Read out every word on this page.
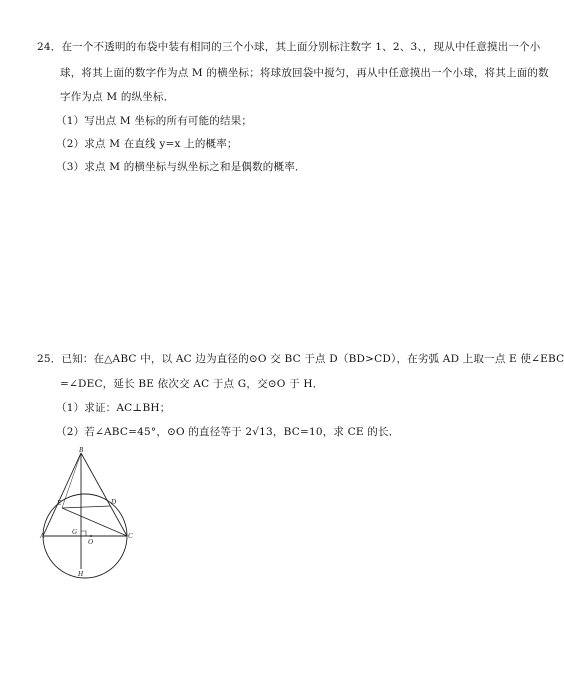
24．在一个不透明的布袋中装有相同的三个小球，其上面分别标注数字 1、2、3、，现从中任意摸出一个小
球，将其上面的数字作为点 M 的横坐标；将球放回袋中搅匀，再从中任意摸出一个小球，将其上面的数
字作为点 M 的纵坐标．
（1）写出点 M 坐标的所有可能的结果；
（2）求点 M 在直线 y=x 上的概率；
（3）求点 M 的横坐标与纵坐标之和是偶数的概率．
25．已知：在△ABC 中，以 AC 边为直径的⊙O 交 BC 于点 D（BD>CD），在劣弧 AD 上取一点 E 使∠EBC
=∠DEC，延长 BE 依次交 AC 于点 G，交⊙O 于 H．
（1）求证：AC⊥BH；
（2）若∠ABC=45°，⊙O 的直径等于 2√13，BC=10，求 CE 的长．
B
E	D
A	G
O
C
H
